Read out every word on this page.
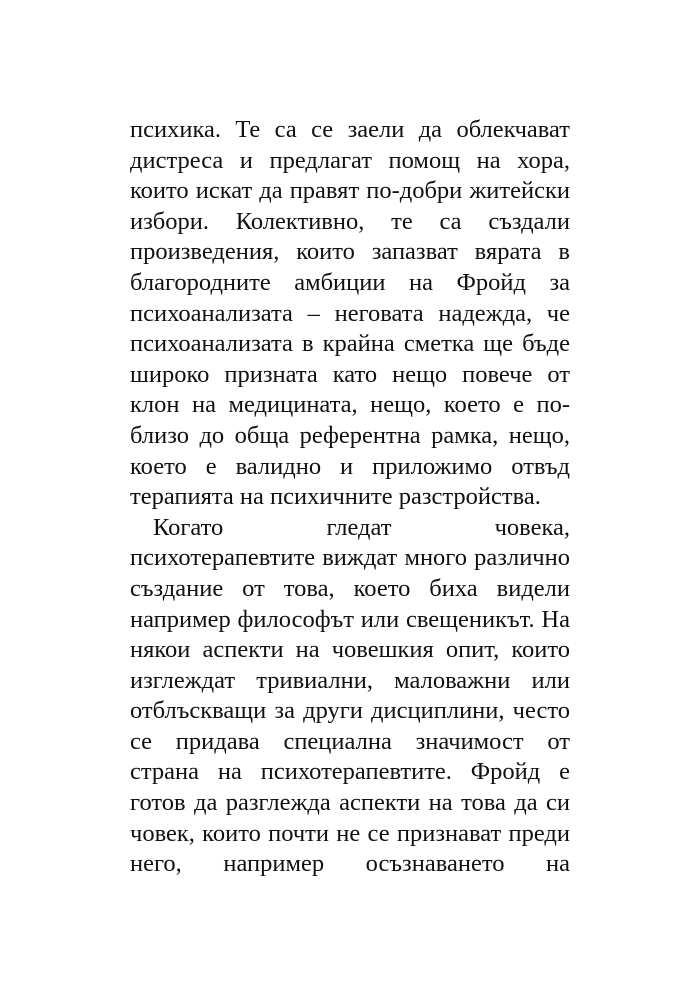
психика. Те са се заели да облекчават
дистреса и предлагат помощ на хора,
които искат да правят по-добри житейски
избори. Колективно, те са създали
произведения, които запазват вярата в
благородните амбиции на Фройд за
психоанализата – неговата надежда, че
психоанализата в крайна сметка ще бъде
широко призната като нещо повече от
клон на медицината, нещо, което е по-
близо до обща референтна рамка, нещо,
което е валидно и приложимо отвъд
терапията на психичните разстройства.
Когато гледат човека,
психотерапевтите виждат много различно
създание от това, което биха видели
например философът или свещеникът. На
някои аспекти на човешкия опит, които
изглеждат тривиални, маловажни или
отблъскващи за други дисциплини, често
се придава специална значимост от
страна на психотерапевтите. Фройд е
готов да разглежда аспекти на това да си
човек, които почти не се признават преди
него, например осъзнаването на
